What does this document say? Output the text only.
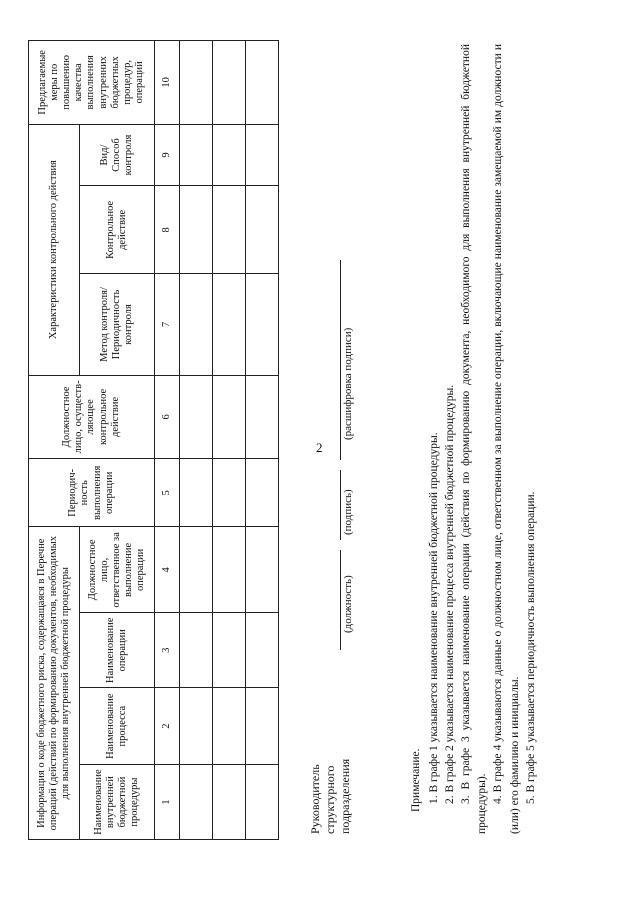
2
Информация о коде бюджетного риска, содержащаяся в Перечне операций (действий по формированию документов, необходимых для выполнения внутренней бюджетной процедуры				Периодич-ность выполнения операции	Должностное лицо, осуществ-ляющее контрольное действие	Характеристики контрольного действия			Предлагаемые меры по повышению качества выполнения внутренних бюджетных процедур, операций
Наименование внутренней бюджетной процедуры	Наименование процесса	Наименование операции	Должностное лицо, ответственное за выполнение операции			Метод контроля/ Периодичность контроля	Контрольное действие	Вид/ Способ контроля	
1	2	3	4	5	6	7	8	9	10

Руководитель структурного подразделения
(должность)
(подпись)
(расшифровка подписи)

Примечание. 1. В графе 1 указывается наименование внутренней бюджетной процедуры. 2. В графе 2 указывается наименование процесса внутренней бюджетной процедуры. 3. В графе 3 указывается наименование операции (действия по формированию документа, необходимого для выполнения внутренней бюджетной процедуры). 4. В графе 4 указываются данные о должностном лице, ответственном за выполнение операции, включающие наименование замещаемой им должности и (или) его фамилию и инициалы. 5. В графе 5 указывается периодичность выполнения операции.
